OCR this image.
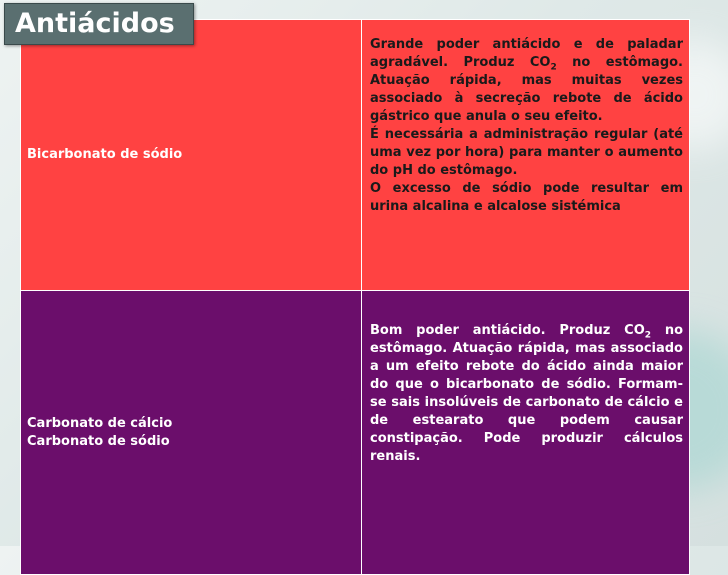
Bicarbonato de sódio	Grande poder antiácido e de paladar agradável. Produz $CO_2$ no estômago. Atuação rápida, mas muitas vezes associado à secreção rebote de ácido gástrico que anula o seu efeito.
É necessária a administração regular (até uma vez por hora) para manter o aumento do pH do estômago.
O excesso de sódio pode resultar em urina alcalina e alcalose sistémica

Carbonato de cálcio
Carbonato de sódio	Bom poder antiácido. Produz $CO_2$ no estômago. Atuação rápida, mas associado a um efeito rebote do ácido ainda maior do que o bicarbonato de sódio. Formam-se sais insolúveis de carbonato de cálcio e de estearato que podem causar constipação. Pode produzir cálculos renais.
Antiácidos
